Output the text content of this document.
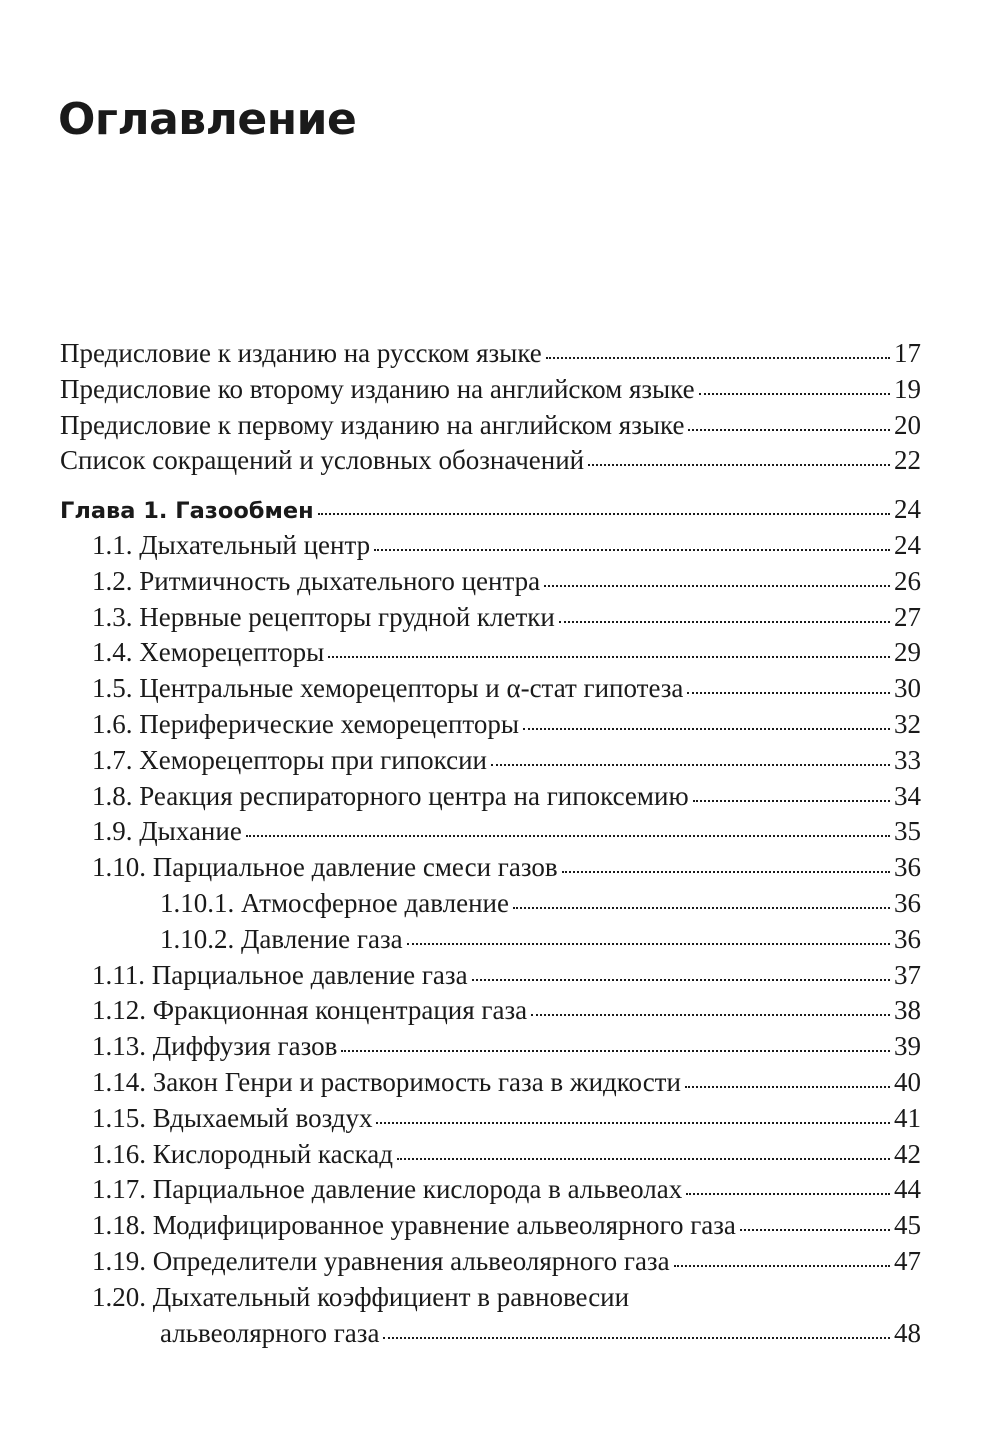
Оглавление
Предисловие к изданию на русском языке	17
Предисловие ко второму изданию на английском языке	19
Предисловие к первому изданию на английском языке	20
Список сокращений и условных обозначений	22
Глава 1. Газообмен	24
1.1. Дыхательный центр	24
1.2. Ритмичность дыхательного центра	26
1.3. Нервные рецепторы грудной клетки	27
1.4. Хеморецепторы	29
1.5. Центральные хеморецепторы и α-стат гипотеза	30
1.6. Периферические хеморецепторы	32
1.7. Хеморецепторы при гипоксии	33
1.8. Реакция респираторного центра на гипоксемию	34
1.9. Дыхание	35
1.10. Парциальное давление смеси газов	36
1.10.1. Атмосферное давление	36
1.10.2. Давление газа	36
1.11. Парциальное давление газа	37
1.12. Фракционная концентрация газа	38
1.13. Диффузия газов	39
1.14. Закон Генри и растворимость газа в жидкости	40
1.15. Вдыхаемый воздух	41
1.16. Кислородный каскад	42
1.17. Парциальное давление кислорода в альвеолах	44
1.18. Модифицированное уравнение альвеолярного газа	45
1.19. Определители уравнения альвеолярного газа	47
1.20. Дыхательный коэффициент в равновесии
альвеолярного газа	48
